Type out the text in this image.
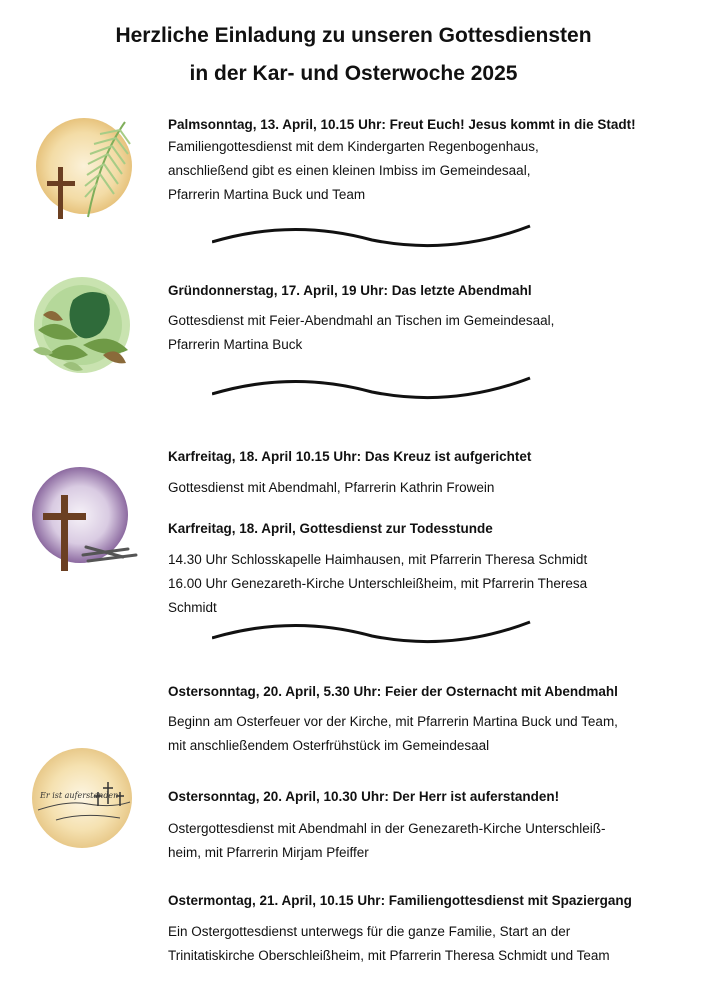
Herzliche Einladung zu unseren Gottesdiensten
in der Kar- und Osterwoche 2025
Er ist auferstanden
Palmsonntag, 13. April, 10.15 Uhr: Freut Euch! Jesus kommt in die Stadt!
Familiengottesdienst mit dem Kindergarten Regenbogenhaus,
anschließend gibt es einen kleinen Imbiss im Gemeindesaal,
Pfarrerin Martina Buck und Team
Gründonnerstag, 17. April, 19 Uhr: Das letzte Abendmahl
Gottesdienst mit Feier-Abendmahl an Tischen im Gemeindesaal,
Pfarrerin Martina Buck
Karfreitag, 18. April 10.15 Uhr: Das Kreuz ist aufgerichtet
Gottesdienst mit Abendmahl, Pfarrerin Kathrin Frowein
Karfreitag, 18. April, Gottesdienst zur Todesstunde
14.30 Uhr Schlosskapelle Haimhausen, mit Pfarrerin Theresa Schmidt
16.00 Uhr Genezareth-Kirche Unterschleißheim, mit Pfarrerin Theresa
Schmidt
Ostersonntag, 20. April, 5.30 Uhr: Feier der Osternacht mit Abendmahl
Beginn am Osterfeuer vor der Kirche, mit Pfarrerin Martina Buck und Team,
mit anschließendem Osterfrühstück im Gemeindesaal
Ostersonntag, 20. April, 10.30 Uhr: Der Herr ist auferstanden!
Ostergottesdienst mit Abendmahl in der Genezareth-Kirche Unterschleiß-
heim, mit Pfarrerin Mirjam Pfeiffer
Ostermontag, 21. April, 10.15 Uhr: Familiengottesdienst mit Spaziergang
Ein Ostergottesdienst unterwegs für die ganze Familie, Start an der
Trinitatiskirche Oberschleißheim, mit Pfarrerin Theresa Schmidt und Team
